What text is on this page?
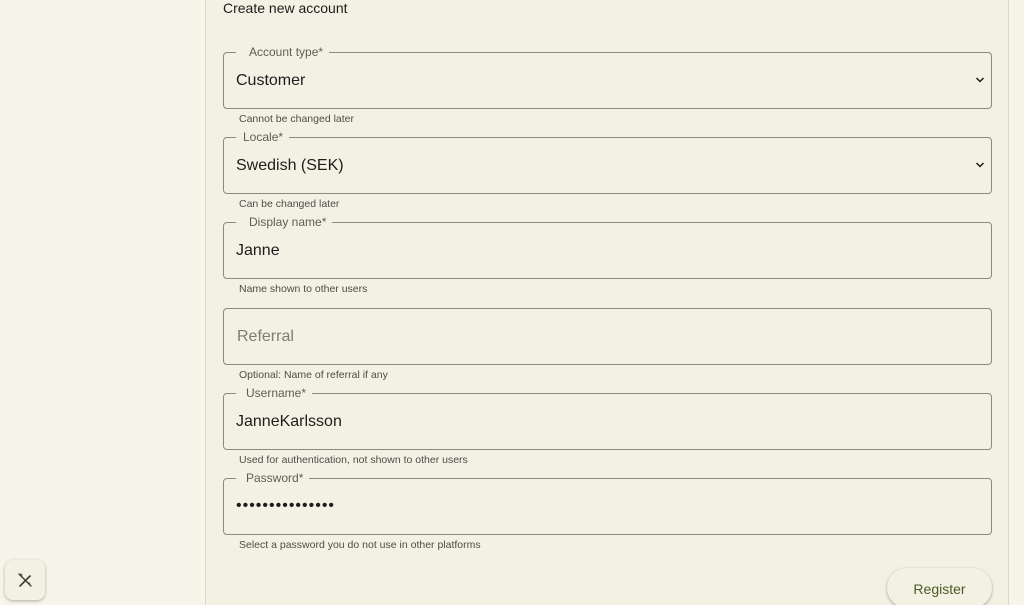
Create new account
Account type*
Customer
Cannot be changed later
Locale*
Swedish (SEK)
Can be changed later
Display name*
Janne
Name shown to other users
Referral
Optional: Name of referral if any
Username*
JanneKarlsson
Used for authentication, not shown to other users
Password*
•••••••••••••••
Select a password you do not use in other platforms
Register
